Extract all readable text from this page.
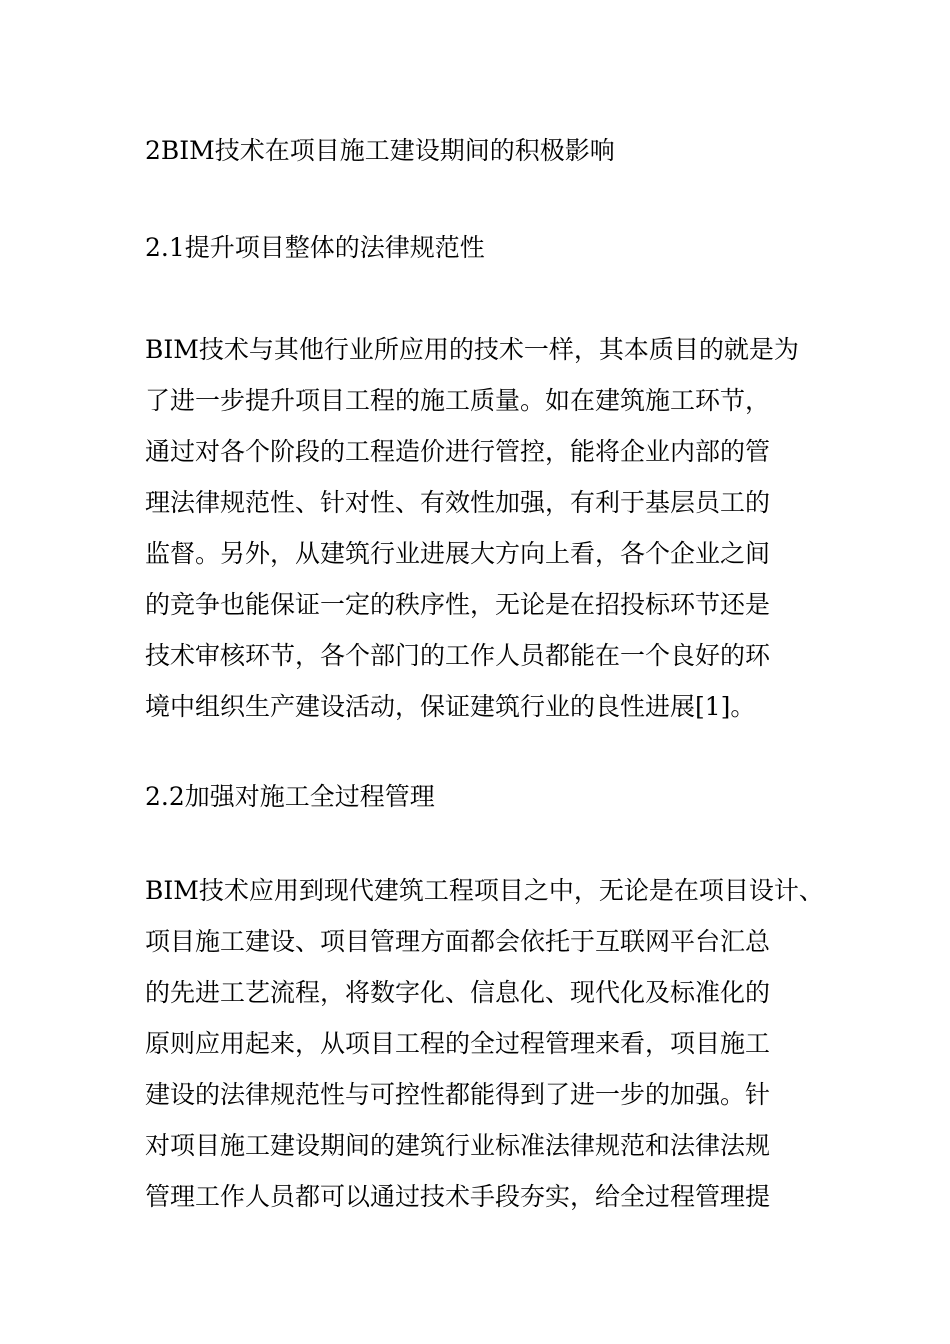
2BIM技术在项目施工建设期间的积极影响
2.1提升项目整体的法律规范性
BIM技术与其他行业所应用的技术一样，其本质目的就是为
了进一步提升项目工程的施工质量。如在建筑施工环节，
通过对各个阶段的工程造价进行管控，能将企业内部的管
理法律规范性、针对性、有效性加强，有利于基层员工的
监督。另外，从建筑行业进展大方向上看，各个企业之间
的竞争也能保证一定的秩序性，无论是在招投标环节还是
技术审核环节，各个部门的工作人员都能在一个良好的环
境中组织生产建设活动，保证建筑行业的良性进展[1]。
2.2加强对施工全过程管理
BIM技术应用到现代建筑工程项目之中，无论是在项目设计、
项目施工建设、项目管理方面都会依托于互联网平台汇总
的先进工艺流程，将数字化、信息化、现代化及标准化的
原则应用起来，从项目工程的全过程管理来看，项目施工
建设的法律规范性与可控性都能得到了进一步的加强。针
对项目施工建设期间的建筑行业标准法律规范和法律法规
管理工作人员都可以通过技术手段夯实，给全过程管理提
